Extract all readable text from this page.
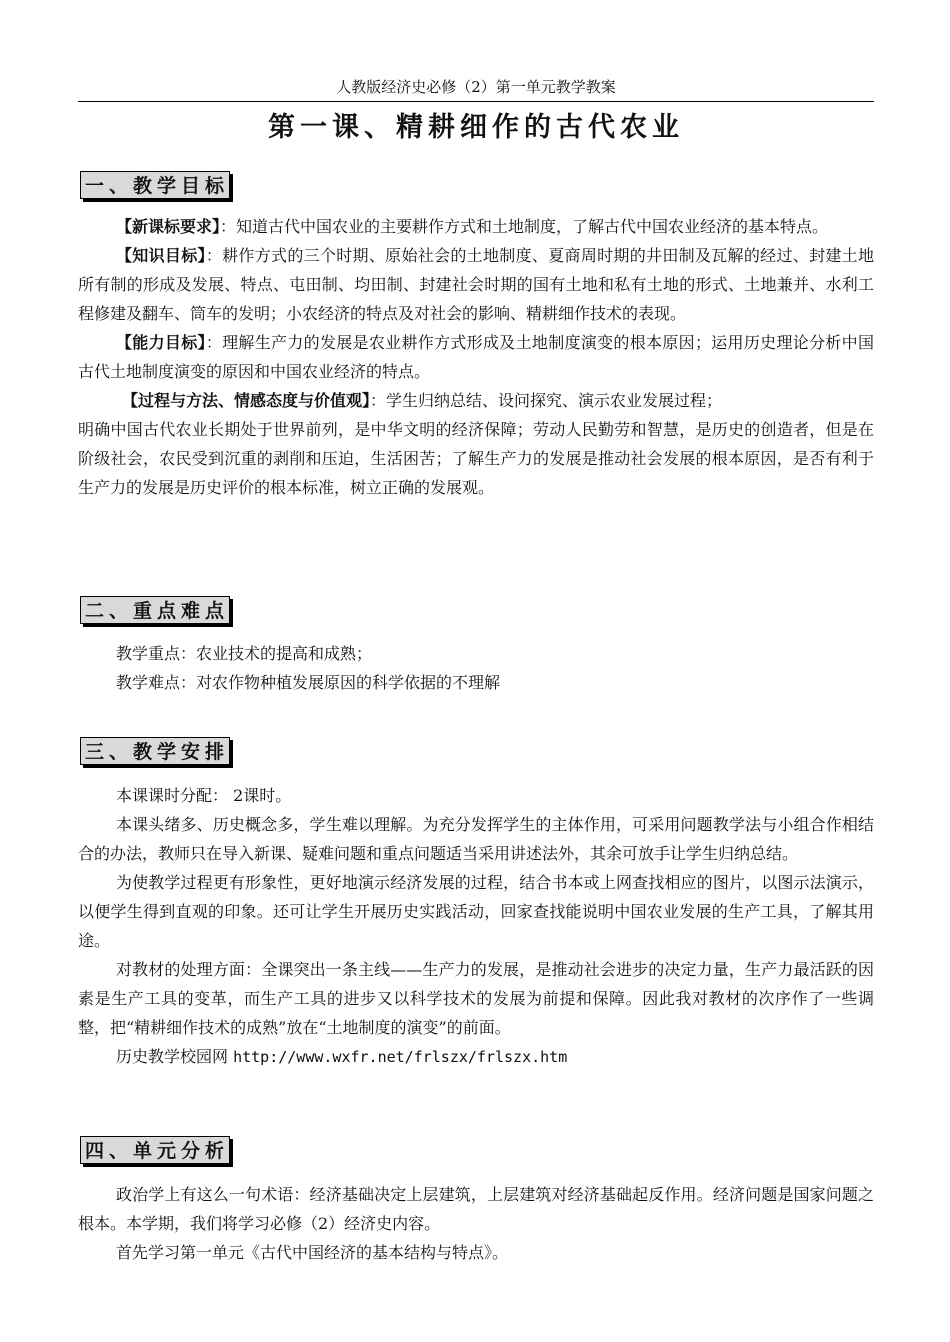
人教版经济史必修（2）第一单元教学教案
第一课、精耕细作的古代农业
一、教学目标

【新课标要求】：知道古代中国农业的主要耕作方式和土地制度，了解古代中国农业经济的基本特点。

【知识目标】：耕作方式的三个时期、原始社会的土地制度、夏商周时期的井田制及瓦解的经过、封建土地所有制的形成及发展、特点、屯田制、均田制、封建社会时期的国有土地和私有土地的形式、土地兼并、水利工程修建及翻车、筒车的发明；小农经济的特点及对社会的影响、精耕细作技术的表现。

【能力目标】：理解生产力的发展是农业耕作方式形成及土地制度演变的根本原因；运用历史理论分析中国古代土地制度演变的原因和中国农业经济的特点。

【过程与方法、情感态度与价值观】：学生归纳总结、设问探究、演示农业发展过程；

明确中国古代农业长期处于世界前列，是中华文明的经济保障；劳动人民勤劳和智慧，是历史的创造者，但是在阶级社会，农民受到沉重的剥削和压迫，生活困苦；了解生产力的发展是推动社会发展的根本原因，是否有利于生产力的发展是历史评价的根本标准，树立正确的发展观。

二、重点难点

教学重点：农业技术的提高和成熟；

教学难点：对农作物种植发展原因的科学依据的不理解

三、教学安排

本课课时分配： 2课时。

本课头绪多、历史概念多，学生难以理解。为充分发挥学生的主体作用，可采用问题教学法与小组合作相结合的办法，教师只在导入新课、疑难问题和重点问题适当采用讲述法外，其余可放手让学生归纳总结。

为使教学过程更有形象性，更好地演示经济发展的过程，结合书本或上网查找相应的图片，以图示法演示，以便学生得到直观的印象。还可让学生开展历史实践活动，回家查找能说明中国农业发展的生产工具，了解其用途。

对教材的处理方面：全课突出一条主线——生产力的发展，是推动社会进步的决定力量，生产力最活跃的因素是生产工具的变革，而生产工具的进步又以科学技术的发展为前提和保障。因此我对教材的次序作了一些调整，把“精耕细作技术的成熟”放在“土地制度的演变”的前面。

历史教学校园网 http://www.wxfr.net/frlszx/frlszx.htm

四、单元分析

政治学上有这么一句术语：经济基础决定上层建筑，上层建筑对经济基础起反作用。经济问题是国家问题之根本。本学期，我们将学习必修（2）经济史内容。

首先学习第一单元《古代中国经济的基本结构与特点》。
